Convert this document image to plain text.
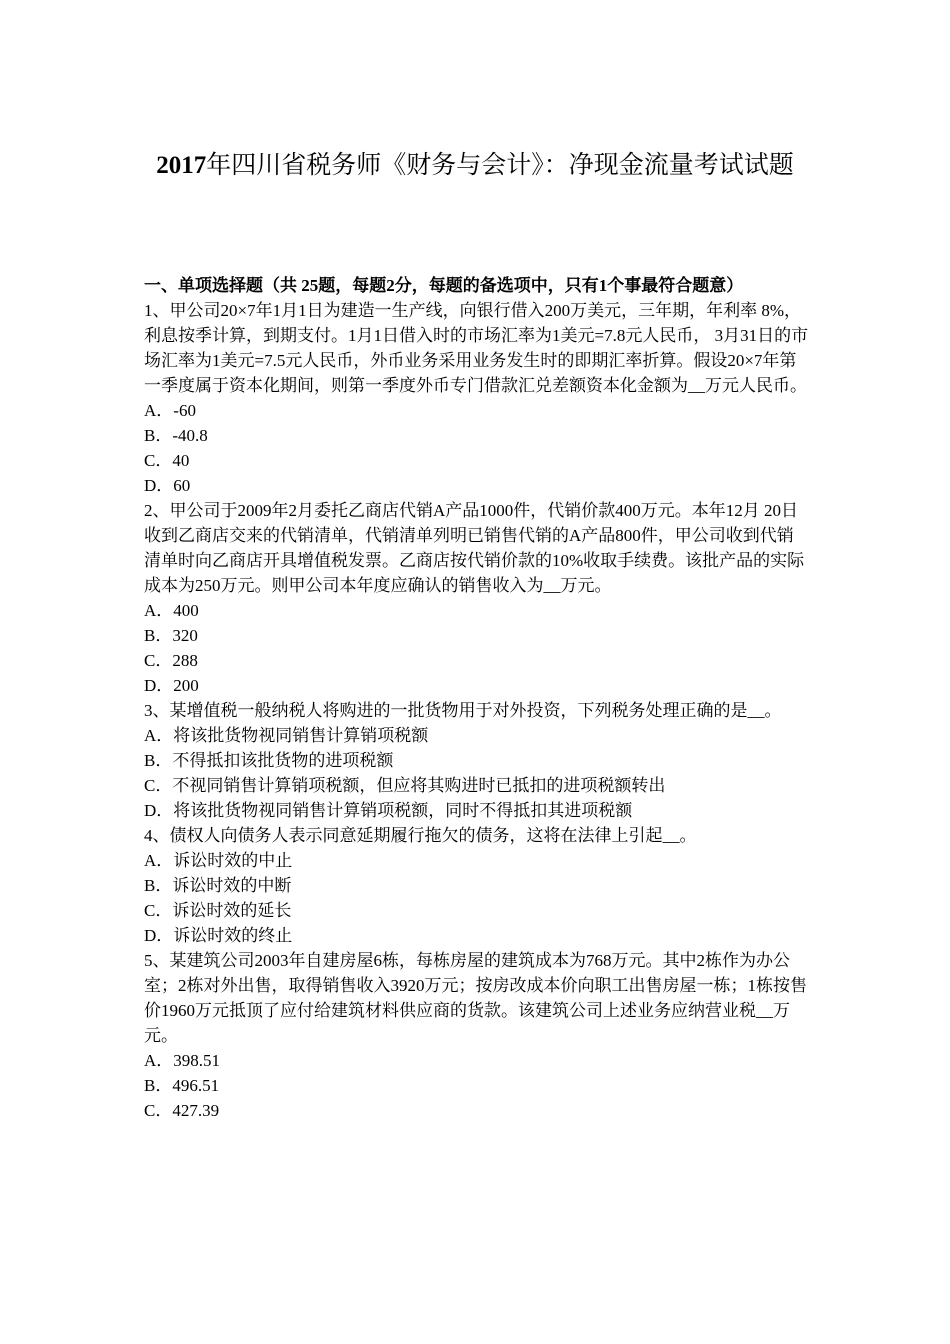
2017年四川省税务师《财务与会计》：净现金流量考试试题

一、单项选择题（共 25题，每题2分，每题的备选项中，只有1个事最符合题意）

1、甲公司20×7年1月1日为建造一生产线，向银行借入200万美元，三年期，年利率 8%，利息按季计算，到期支付。1月1日借入时的市场汇率为1美元=7.8元人民币， 3月31日的市场汇率为1美元=7.5元人民币，外币业务采用业务发生时的即期汇率折算。假设20×7年第一季度属于资本化期间，则第一季度外币专门借款汇兑差额资本化金额为__万元人民币。

A．-60

B．-40.8

C．40

D．60

2、甲公司于2009年2月委托乙商店代销A产品1000件，代销价款400万元。本年12月 20日收到乙商店交来的代销清单，代销清单列明已销售代销的A产品800件，甲公司收到代销清单时向乙商店开具增值税发票。乙商店按代销价款的10%收取手续费。该批产品的实际成本为250万元。则甲公司本年度应确认的销售收入为__万元。

A．400

B．320

C．288

D．200

3、某增值税一般纳税人将购进的一批货物用于对外投资，下列税务处理正确的是__。

A．将该批货物视同销售计算销项税额

B．不得抵扣该批货物的进项税额

C．不视同销售计算销项税额，但应将其购进时已抵扣的进项税额转出

D．将该批货物视同销售计算销项税额，同时不得抵扣其进项税额

4、债权人向债务人表示同意延期履行拖欠的债务，这将在法律上引起__。

A．诉讼时效的中止

B．诉讼时效的中断

C．诉讼时效的延长

D．诉讼时效的终止

5、某建筑公司2003年自建房屋6栋，每栋房屋的建筑成本为768万元。其中2栋作为办公室；2栋对外出售，取得销售收入3920万元；按房改成本价向职工出售房屋一栋；1栋按售价1960万元抵顶了应付给建筑材料供应商的货款。该建筑公司上述业务应纳营业税__万元。

A．398.51

B．496.51

C．427.39
